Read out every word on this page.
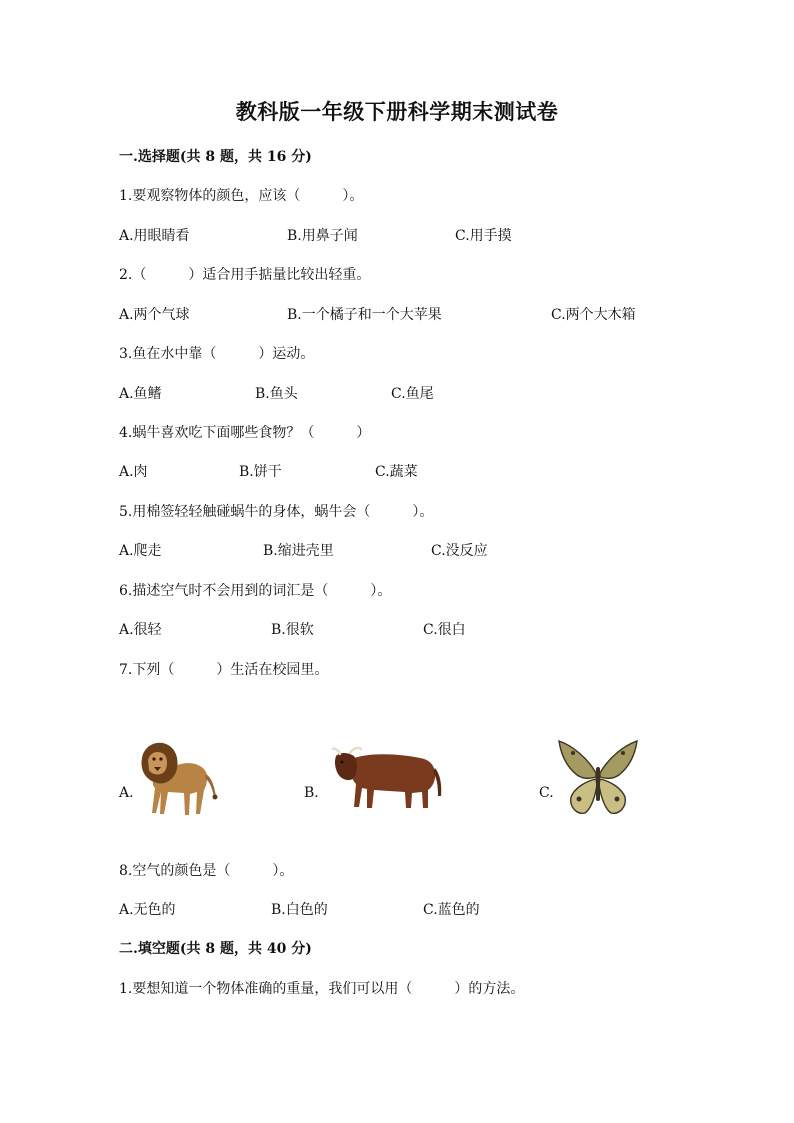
教科版一年级下册科学期末测试卷
一.选择题(共 8 题，共 16 分)
1.要观察物体的颜色，应该（　　　）。
A.用眼睛看	B.用鼻子闻	C.用手摸
2.（　　　）适合用手掂量比较出轻重。
A.两个气球	B.一个橘子和一个大苹果	C.两个大木箱
3.鱼在水中靠（　　　）运动。
A.鱼鳍	B.鱼头	C.鱼尾
4.蜗牛喜欢吃下面哪些食物？（　　　）
A.肉	B.饼干	C.蔬菜
5.用棉签轻轻触碰蜗牛的身体，蜗牛会（　　　）。
A.爬走	B.缩进壳里	C.没反应
6.描述空气时不会用到的词汇是（　　　）。
A.很轻	B.很软	C.很白
7.下列（　　　）生活在校园里。
A.	B.	C.
8.空气的颜色是（　　　）。
A.无色的	B.白色的	C.蓝色的
二.填空题(共 8 题，共 40 分)
1.要想知道一个物体准确的重量，我们可以用（　　　）的方法。
